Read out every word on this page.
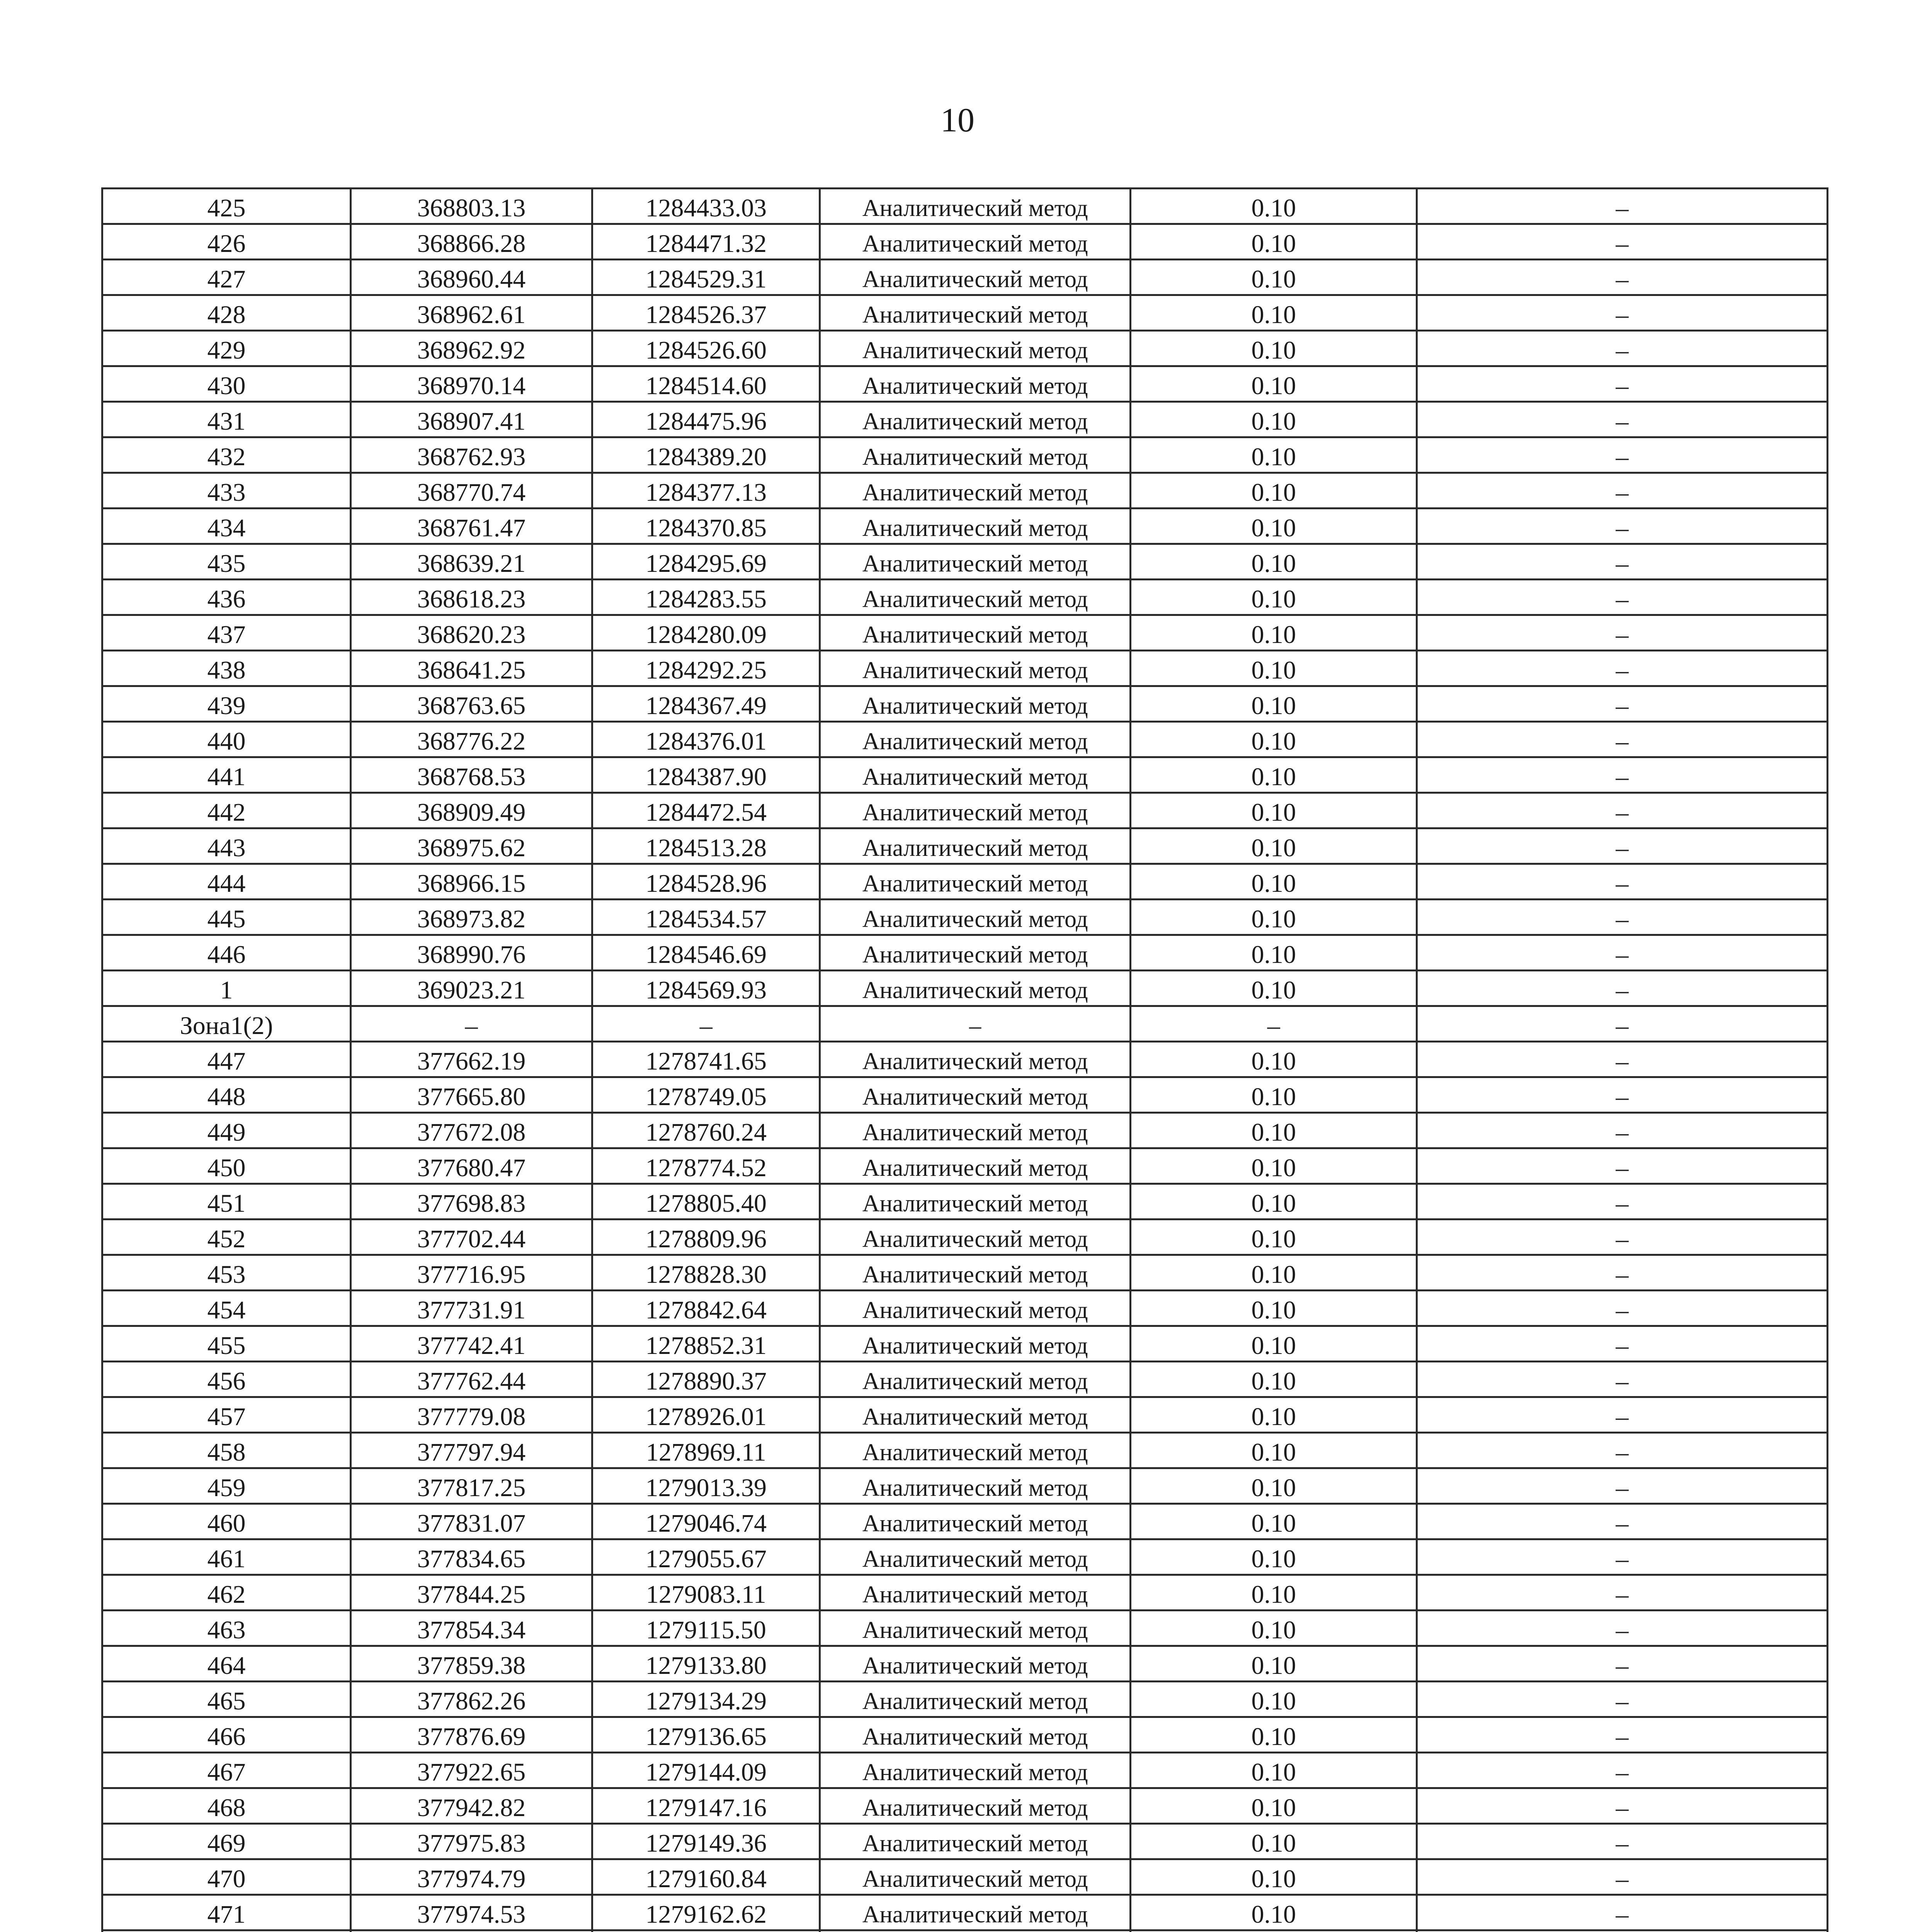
10
425	368803.13	1284433.03	Аналитический метод	0.10	–
426	368866.28	1284471.32	Аналитический метод	0.10	–
427	368960.44	1284529.31	Аналитический метод	0.10	–
428	368962.61	1284526.37	Аналитический метод	0.10	–
429	368962.92	1284526.60	Аналитический метод	0.10	–
430	368970.14	1284514.60	Аналитический метод	0.10	–
431	368907.41	1284475.96	Аналитический метод	0.10	–
432	368762.93	1284389.20	Аналитический метод	0.10	–
433	368770.74	1284377.13	Аналитический метод	0.10	–
434	368761.47	1284370.85	Аналитический метод	0.10	–
435	368639.21	1284295.69	Аналитический метод	0.10	–
436	368618.23	1284283.55	Аналитический метод	0.10	–
437	368620.23	1284280.09	Аналитический метод	0.10	–
438	368641.25	1284292.25	Аналитический метод	0.10	–
439	368763.65	1284367.49	Аналитический метод	0.10	–
440	368776.22	1284376.01	Аналитический метод	0.10	–
441	368768.53	1284387.90	Аналитический метод	0.10	–
442	368909.49	1284472.54	Аналитический метод	0.10	–
443	368975.62	1284513.28	Аналитический метод	0.10	–
444	368966.15	1284528.96	Аналитический метод	0.10	–
445	368973.82	1284534.57	Аналитический метод	0.10	–
446	368990.76	1284546.69	Аналитический метод	0.10	–
1	369023.21	1284569.93	Аналитический метод	0.10	–
Зона1(2)	–	–	–	–	–
447	377662.19	1278741.65	Аналитический метод	0.10	–
448	377665.80	1278749.05	Аналитический метод	0.10	–
449	377672.08	1278760.24	Аналитический метод	0.10	–
450	377680.47	1278774.52	Аналитический метод	0.10	–
451	377698.83	1278805.40	Аналитический метод	0.10	–
452	377702.44	1278809.96	Аналитический метод	0.10	–
453	377716.95	1278828.30	Аналитический метод	0.10	–
454	377731.91	1278842.64	Аналитический метод	0.10	–
455	377742.41	1278852.31	Аналитический метод	0.10	–
456	377762.44	1278890.37	Аналитический метод	0.10	–
457	377779.08	1278926.01	Аналитический метод	0.10	–
458	377797.94	1278969.11	Аналитический метод	0.10	–
459	377817.25	1279013.39	Аналитический метод	0.10	–
460	377831.07	1279046.74	Аналитический метод	0.10	–
461	377834.65	1279055.67	Аналитический метод	0.10	–
462	377844.25	1279083.11	Аналитический метод	0.10	–
463	377854.34	1279115.50	Аналитический метод	0.10	–
464	377859.38	1279133.80	Аналитический метод	0.10	–
465	377862.26	1279134.29	Аналитический метод	0.10	–
466	377876.69	1279136.65	Аналитический метод	0.10	–
467	377922.65	1279144.09	Аналитический метод	0.10	–
468	377942.82	1279147.16	Аналитический метод	0.10	–
469	377975.83	1279149.36	Аналитический метод	0.10	–
470	377974.79	1279160.84	Аналитический метод	0.10	–
471	377974.53	1279162.62	Аналитический метод	0.10	–
